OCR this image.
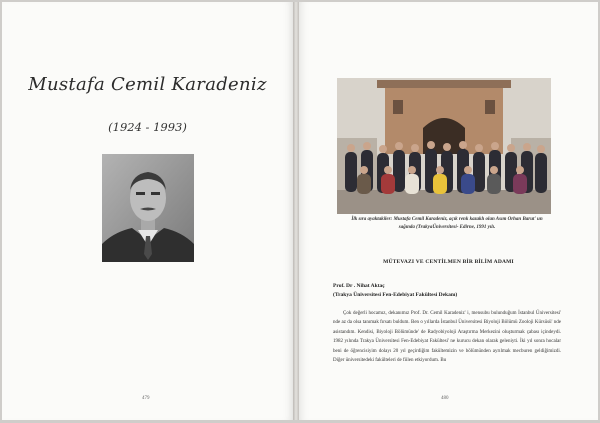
Mustafa Cemil Karadeniz
(1924 - 1993)
479
İlk sıra ayaktakiler: Mustafa Cemil Karadeniz, açık renk kazaklı olan Asım Orhan Barut' un sağında (TrakyaÜniversitesi- Edirne, 1991 yılı.
MÜTEVAZI VE CENTİLMEN BİR BİLİM ADAMI
Prof. Dr . Nihat Aktaç
(Trakya Üniversitesi Fen-Edebiyat Fakültesi Dekanı)
Çok değerli hocamız, dekanımız Prof. Dr. Cemil Karadeniz' i, mensubu bulunduğum İstanbul Üniversitesi' nde az da olsa tanımak fırsatı buldum. Ben o yıllarda İstanbul Üniversitesi Biyoloji Bölümü Zooloji Kürsüsü' nde asistandım. Kendisi, Biyoloji Bölümünde' de Radyobiyoloji Araştırma Merkezini oluşturmak çabası içindeydi. 1982 yılında Trakya Üniversitesi Fen-Edebiyat Fakültesi' ne kurucu dekan olarak geleniyti. İki yıl sonra hocalar beni de öğrencisiyim dolayı 20 yıl geçirdiğim fakültemizin ve bölümünden ayrılmak mecburen geldiğimizdi. Diğer üniversitedeki fakülteleri de fiilen etkiyordum. Bu
480
